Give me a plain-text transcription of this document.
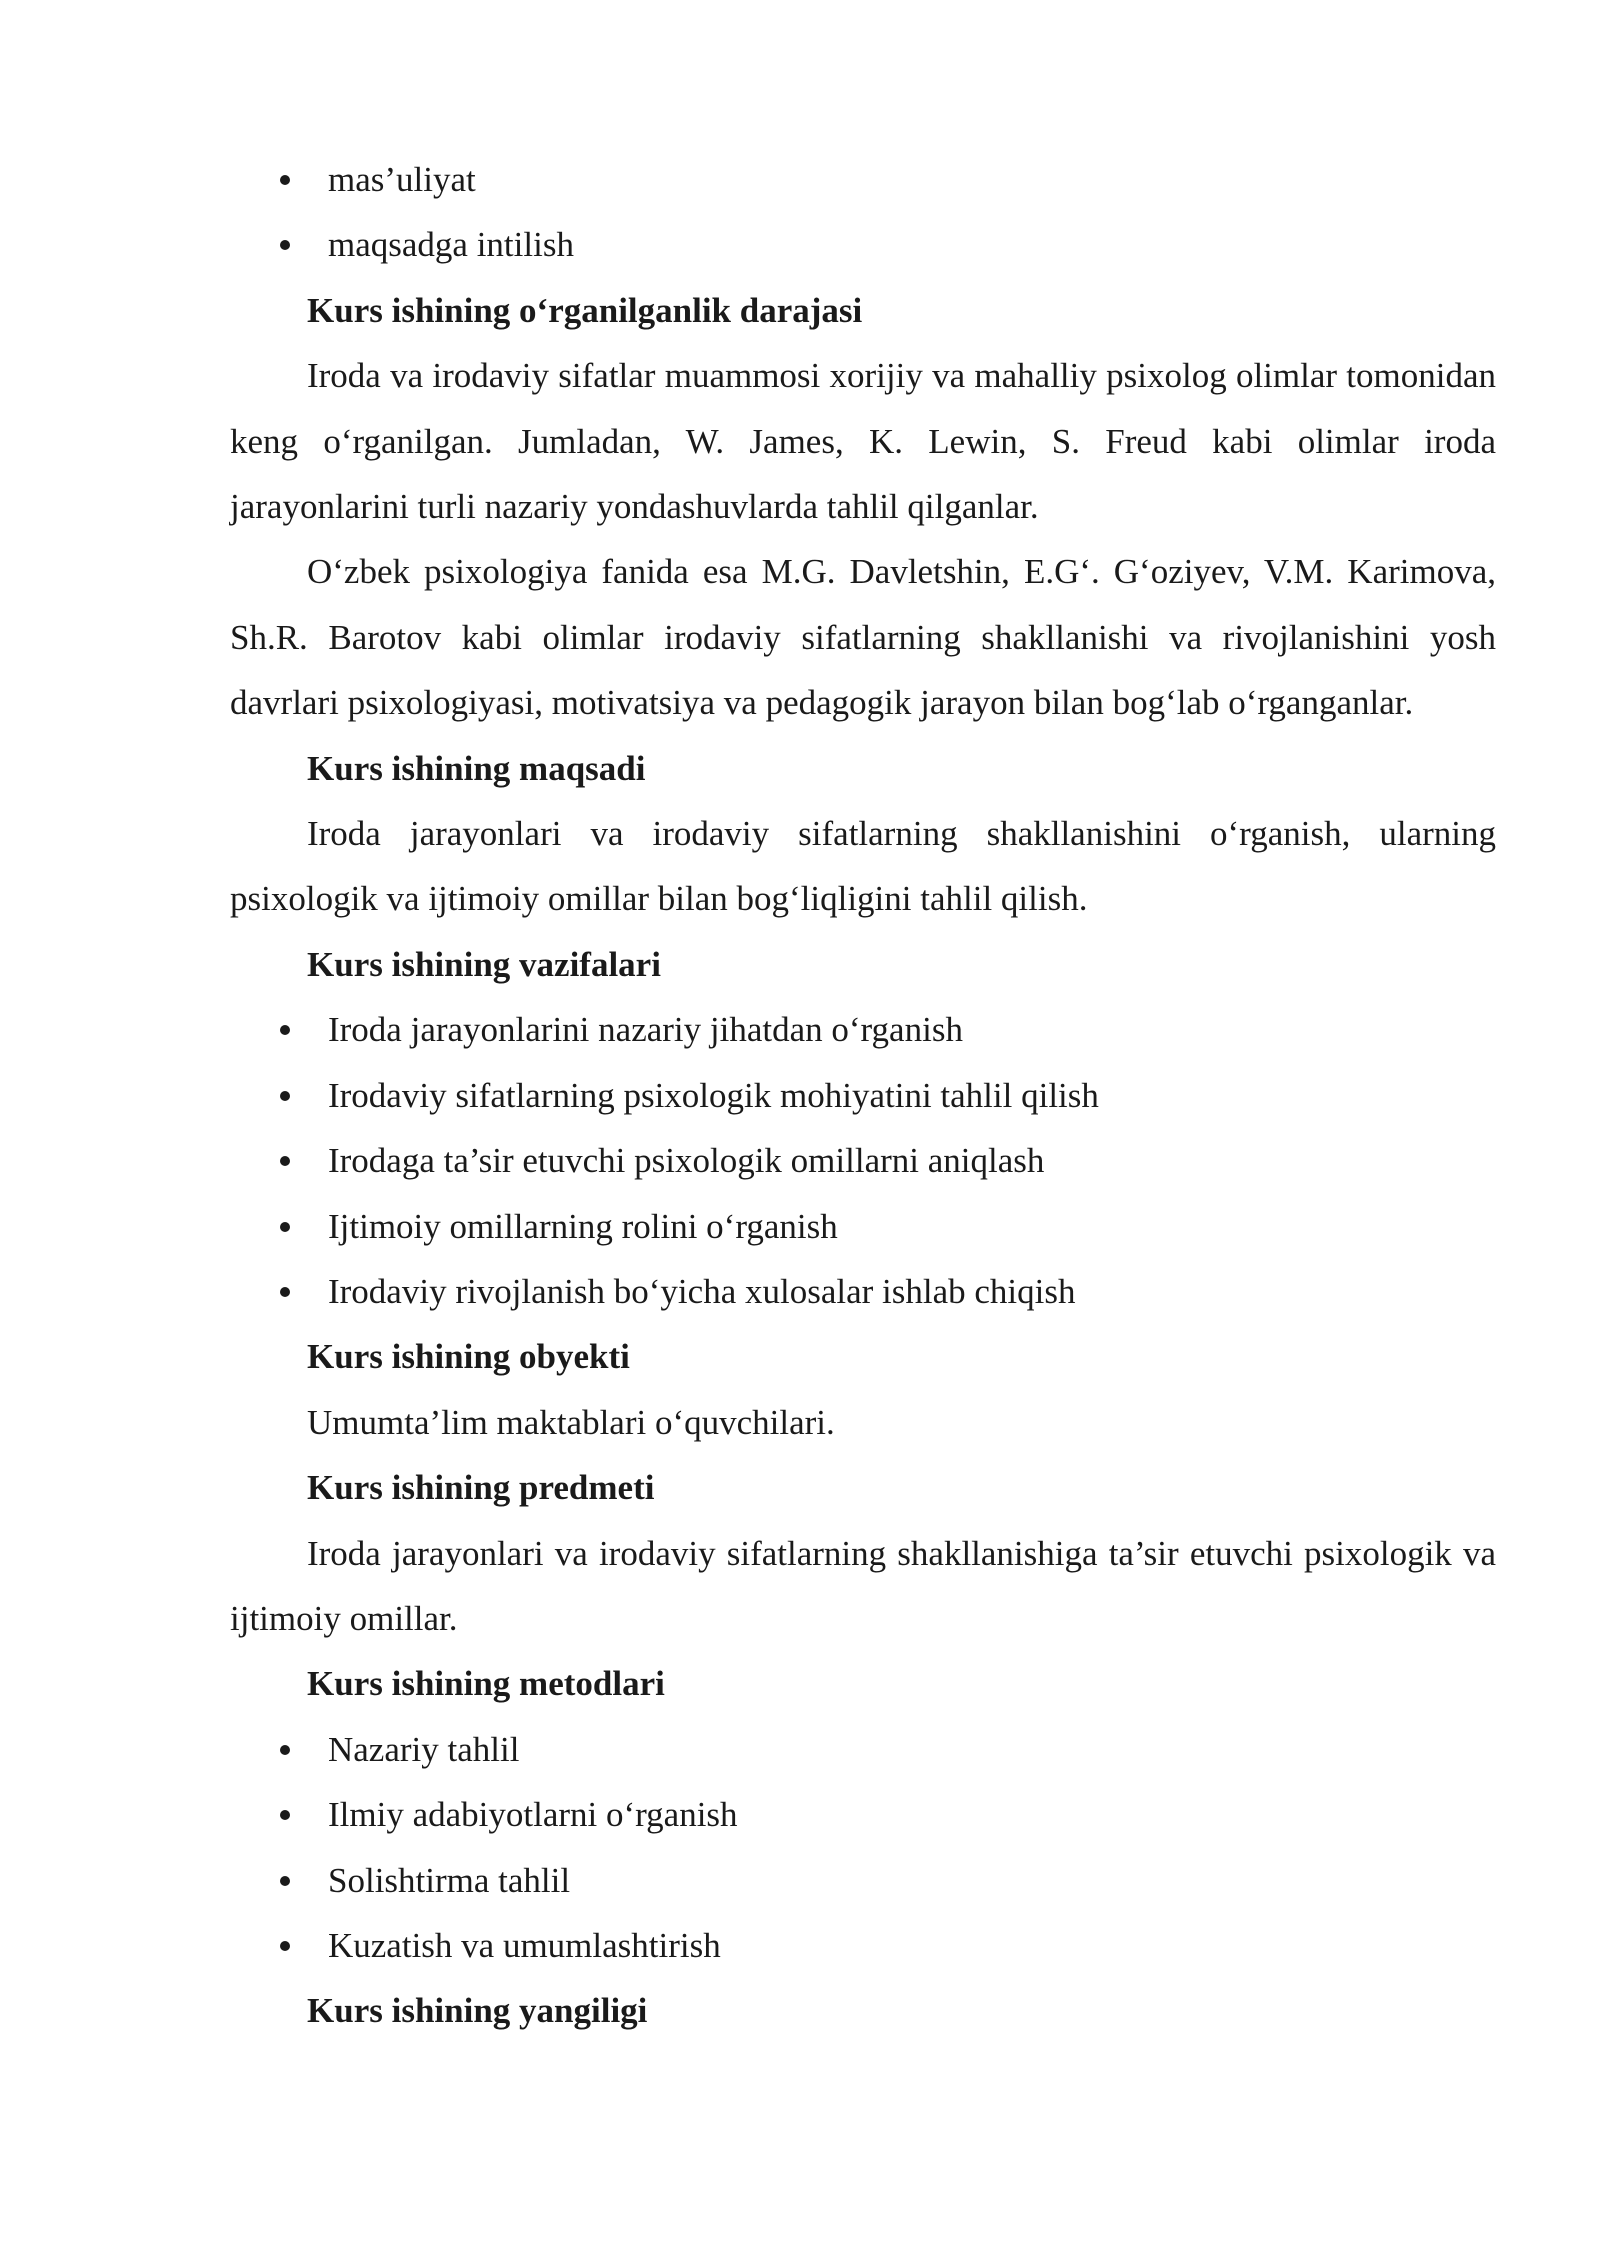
mas’uliyat
maqsadga intilish

Kurs ishining o‘rganilganlik darajasi

Iroda va irodaviy sifatlar muammosi xorijiy va mahalliy psixolog olimlar tomonidan keng o‘rganilgan. Jumladan, W. James, K. Lewin, S. Freud kabi olimlar iroda jarayonlarini turli nazariy yondashuvlarda tahlil qilganlar.

O‘zbek psixologiya fanida esa M.G. Davletshin, E.G‘. G‘oziyev, V.M. Karimova, Sh.R. Barotov kabi olimlar irodaviy sifatlarning shakllanishi va rivojlanishini yosh davrlari psixologiyasi, motivatsiya va pedagogik jarayon bilan bog‘lab o‘rganganlar.

Kurs ishining maqsadi

Iroda jarayonlari va irodaviy sifatlarning shakllanishini o‘rganish, ularning psixologik va ijtimoiy omillar bilan bog‘liqligini tahlil qilish.

Kurs ishining vazifalari

Iroda jarayonlarini nazariy jihatdan o‘rganish
Irodaviy sifatlarning psixologik mohiyatini tahlil qilish
Irodaga ta’sir etuvchi psixologik omillarni aniqlash
Ijtimoiy omillarning rolini o‘rganish
Irodaviy rivojlanish bo‘yicha xulosalar ishlab chiqish

Kurs ishining obyekti

Umumta’lim maktablari o‘quvchilari.

Kurs ishining predmeti

Iroda jarayonlari va irodaviy sifatlarning shakllanishiga ta’sir etuvchi psixologik va ijtimoiy omillar.

Kurs ishining metodlari

Nazariy tahlil
Ilmiy adabiyotlarni o‘rganish
Solishtirma tahlil
Kuzatish va umumlashtirish

Kurs ishining yangiligi
